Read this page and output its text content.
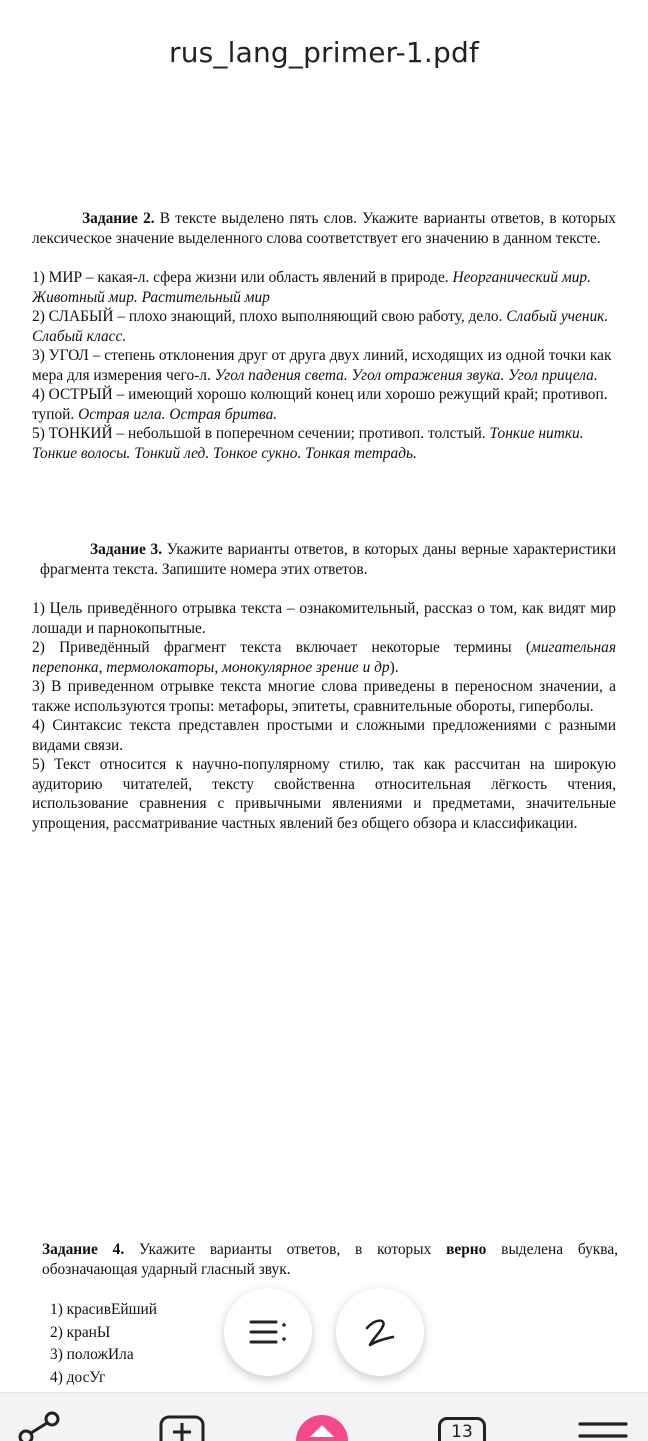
rus_lang_primer-1.pdf

Задание 2. В тексте выделено пять слов. Укажите варианты ответов, в которых лексическое значение выделенного слова соответствует его значению в данном тексте.

1) МИР – какая-л. сфера жизни или область явлений в природе. Неорганический мир. Животный мир. Растительный мир
2) СЛАБЫЙ – плохо знающий, плохо выполняющий свою работу, дело. Слабый ученик. Слабый класс.
3) УГОЛ – степень отклонения друг от друга двух линий, исходящих из одной точки как мера для измерения чего-л. Угол падения света. Угол отражения звука. Угол прицела.
4) ОСТРЫЙ – имеющий хорошо колющий конец или хорошо режущий край; противоп. тупой. Острая игла. Острая бритва.
5) ТОНКИЙ – небольшой в поперечном сечении; противоп. толстый. Тонкие нитки. Тонкие волосы. Тонкий лед. Тонкое сукно. Тонкая тетрадь.

Задание 3. Укажите варианты ответов, в которых даны верные характеристики фрагмента текста. Запишите номера этих ответов.

1) Цель приведённого отрывка текста – ознакомительный, рассказ о том, как видят мир лошади и парнокопытные.
2) Приведённый фрагмент текста включает некоторые термины (мигательная перепонка, термолокаторы, монокулярное зрение и др).
3) В приведенном отрывке текста многие слова приведены в переносном значении, а также используются тропы: метафоры, эпитеты, сравнительные обороты, гиперболы.
4) Синтаксис текста представлен простыми и сложными предложениями с разными видами связи.
5) Текст относится к научно-популярному стилю, так как рассчитан на широкую аудиторию читателей, тексту свойственна относительная лёгкость чтения, использование сравнения с привычными явлениями и предметами, значительные упрощения, рассматривание частных явлений без общего обзора и классификации.

Задание 4. Укажите варианты ответов, в которых верно выделена буква, обозначающая ударный гласный звук.

1) красивЕйший
2) кранЫ
3) положИла
4) досУг
13
